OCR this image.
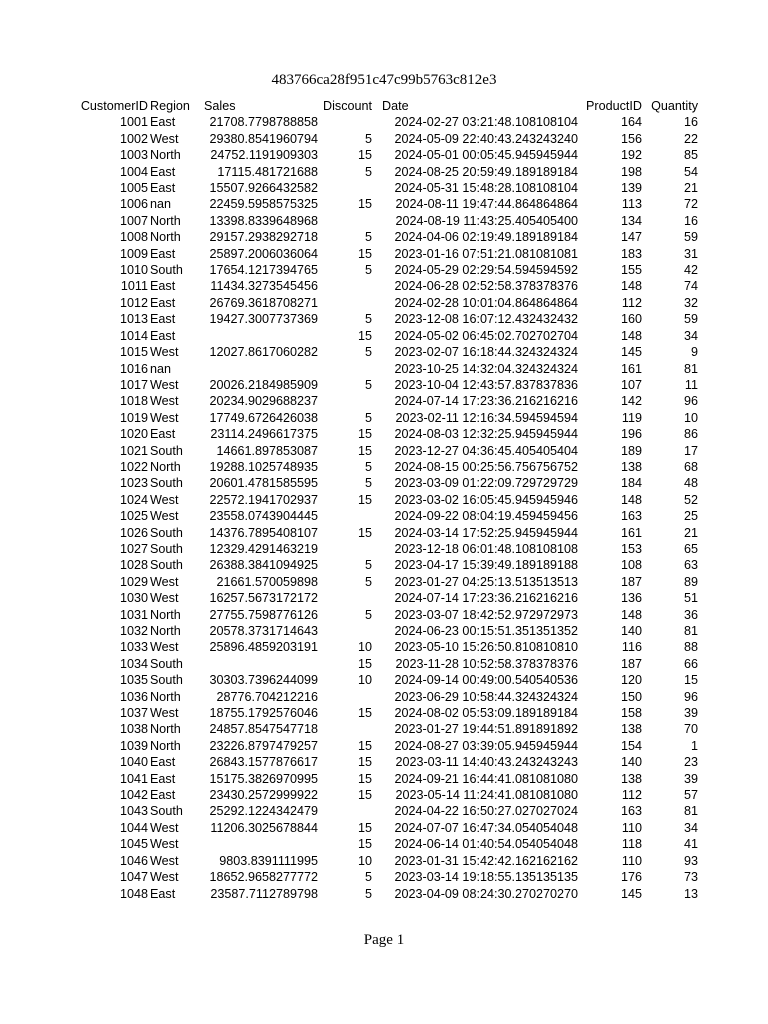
483766ca28f951c47c99b5763c812e3
CustomerID	Region	Sales	Discount	Date	ProductID	Quantity
1001	East	21708.7798788858		2024-02-27 03:21:48.108108104	164	16
1002	West	29380.8541960794	5	2024-05-09 22:40:43.243243240	156	22
1003	North	24752.1191909303	15	2024-05-01 00:05:45.945945944	192	85
1004	East	17115.481721688	5	2024-08-25 20:59:49.189189184	198	54
1005	East	15507.9266432582		2024-05-31 15:48:28.108108104	139	21
1006	nan	22459.5958575325	15	2024-08-11 19:47:44.864864864	113	72
1007	North	13398.8339648968		2024-08-19 11:43:25.405405400	134	16
1008	North	29157.2938292718	5	2024-04-06 02:19:49.189189184	147	59
1009	East	25897.2006036064	15	2023-01-16 07:51:21.081081081	183	31
1010	South	17654.1217394765	5	2024-05-29 02:29:54.594594592	155	42
1011	East	11434.3273545456		2024-06-28 02:52:58.378378376	148	74
1012	East	26769.3618708271		2024-02-28 10:01:04.864864864	112	32
1013	East	19427.3007737369	5	2023-12-08 16:07:12.432432432	160	59
1014	East		15	2024-05-02 06:45:02.702702704	148	34
1015	West	12027.8617060282	5	2023-02-07 16:18:44.324324324	145	9
1016	nan			2023-10-25 14:32:04.324324324	161	81
1017	West	20026.2184985909	5	2023-10-04 12:43:57.837837836	107	11
1018	West	20234.9029688237		2024-07-14 17:23:36.216216216	142	96
1019	West	17749.6726426038	5	2023-02-11 12:16:34.594594594	119	10
1020	East	23114.2496617375	15	2024-08-03 12:32:25.945945944	196	86
1021	South	14661.897853087	15	2023-12-27 04:36:45.405405404	189	17
1022	North	19288.1025748935	5	2024-08-15 00:25:56.756756752	138	68
1023	South	20601.4781585595	5	2023-03-09 01:22:09.729729729	184	48
1024	West	22572.1941702937	15	2023-03-02 16:05:45.945945946	148	52
1025	West	23558.0743904445		2024-09-22 08:04:19.459459456	163	25
1026	South	14376.7895408107	15	2024-03-14 17:52:25.945945944	161	21
1027	South	12329.4291463219		2023-12-18 06:01:48.108108108	153	65
1028	South	26388.3841094925	5	2023-04-17 15:39:49.189189188	108	63
1029	West	21661.570059898	5	2023-01-27 04:25:13.513513513	187	89
1030	West	16257.5673172172		2024-07-14 17:23:36.216216216	136	51
1031	North	27755.7598776126	5	2023-03-07 18:42:52.972972973	148	36
1032	North	20578.3731714643		2024-06-23 00:15:51.351351352	140	81
1033	West	25896.4859203191	10	2023-05-10 15:26:50.810810810	116	88
1034	South		15	2023-11-28 10:52:58.378378376	187	66
1035	South	30303.7396244099	10	2024-09-14 00:49:00.540540536	120	15
1036	North	28776.704212216		2023-06-29 10:58:44.324324324	150	96
1037	West	18755.1792576046	15	2024-08-02 05:53:09.189189184	158	39
1038	North	24857.8547547718		2023-01-27 19:44:51.891891892	138	70
1039	North	23226.8797479257	15	2024-08-27 03:39:05.945945944	154	1
1040	East	26843.1577876617	15	2023-03-11 14:40:43.243243243	140	23
1041	East	15175.3826970995	15	2024-09-21 16:44:41.081081080	138	39
1042	East	23430.2572999922	15	2023-05-14 11:24:41.081081080	112	57
1043	South	25292.1224342479		2024-04-22 16:50:27.027027024	163	81
1044	West	11206.3025678844	15	2024-07-07 16:47:34.054054048	110	34
1045	West		15	2024-06-14 01:40:54.054054048	118	41
1046	West	9803.8391111995	10	2023-01-31 15:42:42.162162162	110	93
1047	West	18652.9658277772	5	2023-03-14 19:18:55.135135135	176	73
1048	East	23587.7112789798	5	2023-04-09 08:24:30.270270270	145	13
Page 1
